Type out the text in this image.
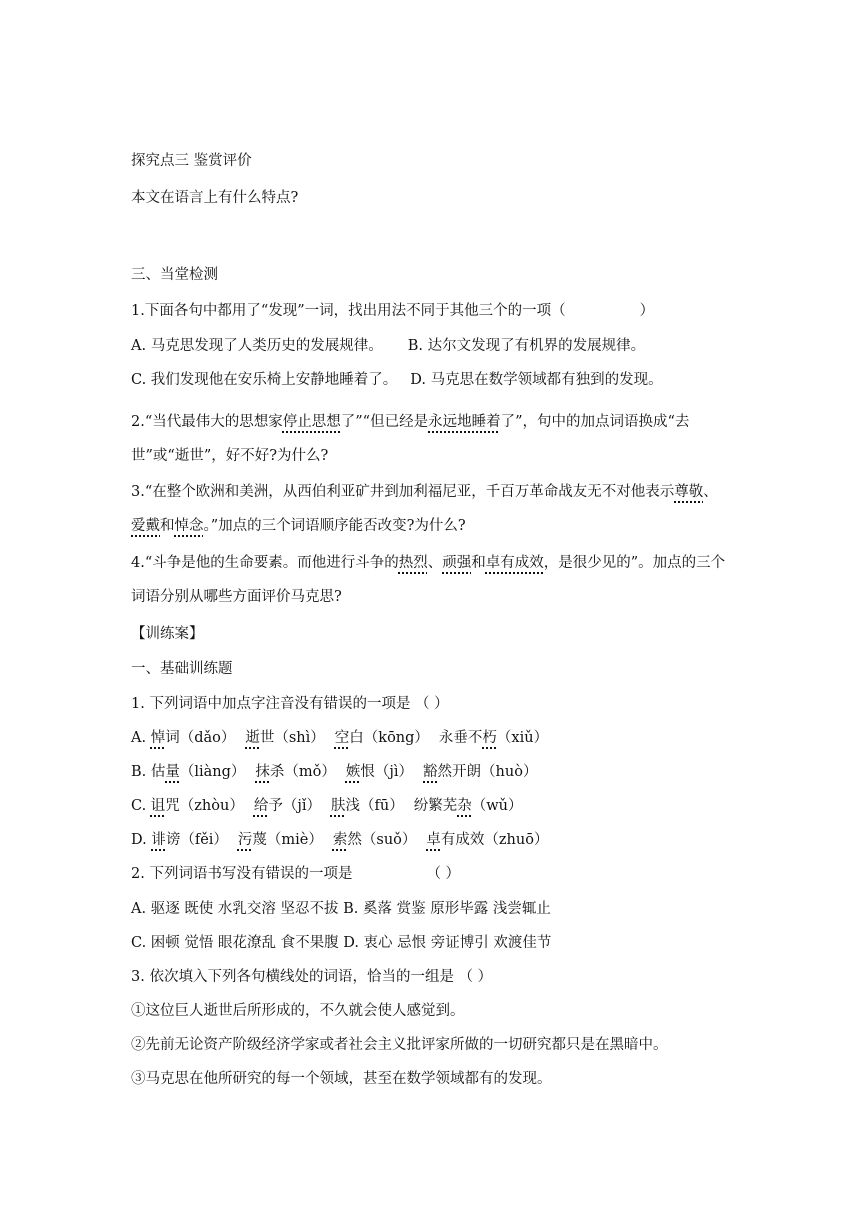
探究点三 鉴赏评价
本文在语言上有什么特点?
三、当堂检测
1.下面各句中都用了“发现”一词，找出用法不同于其他三个的一项（	）
A. 马克思发现了人类历史的发展规律。 B. 达尔文发现了有机界的发展规律。
C. 我们发现他在安乐椅上安静地睡着了。 D. 马克思在数学领域都有独到的发现。
2.“当代最伟大的思想家停止思想了”“但已经是永远地睡着了”，句中的加点词语换成“去世”或“逝世”，好不好?为什么?
3.“在整个欧洲和美洲，从西伯利亚矿井到加利福尼亚，千百万革命战友无不对他表示尊敬、爱戴和悼念。”加点的三个词语顺序能否改变?为什么?
4.“斗争是他的生命要素。而他进行斗争的热烈、顽强和卓有成效，是很少见的”。加点的三个词语分别从哪些方面评价马克思?
【训练案】
一、基础训练题
1. 下列词语中加点字注音没有错误的一项是 （ ）
A. 悼词（dǎo） 逝世（shì） 空白（kōng） 永垂不朽（xiǔ）
B. 估量（liàng） 抹杀（mǒ） 嫉恨（jì） 豁然开朗（huò）
C. 诅咒（zhòu） 给予（jǐ） 肤浅（fū） 纷繁芜杂（wǔ）
D. 诽谤（fěi） 污蔑（miè） 索然（suǒ） 卓有成效（zhuō）
2. 下列词语书写没有错误的一项是	（ ）
A. 驱逐 既使 水乳交溶 坚忍不拔 B. 奚落 赏鉴 原形毕露 浅尝辄止
C. 困顿 觉悟 眼花潦乱 食不果腹 D. 衷心 忌恨 旁证博引 欢渡佳节
3. 依次填入下列各句横线处的词语，恰当的一组是 （ ）
①这位巨人逝世后所形成的，不久就会使人感觉到。
②先前无论资产阶级经济学家或者社会主义批评家所做的一切研究都只是在黑暗中。
③马克思在他所研究的每一个领域，甚至在数学领域都有的发现。
